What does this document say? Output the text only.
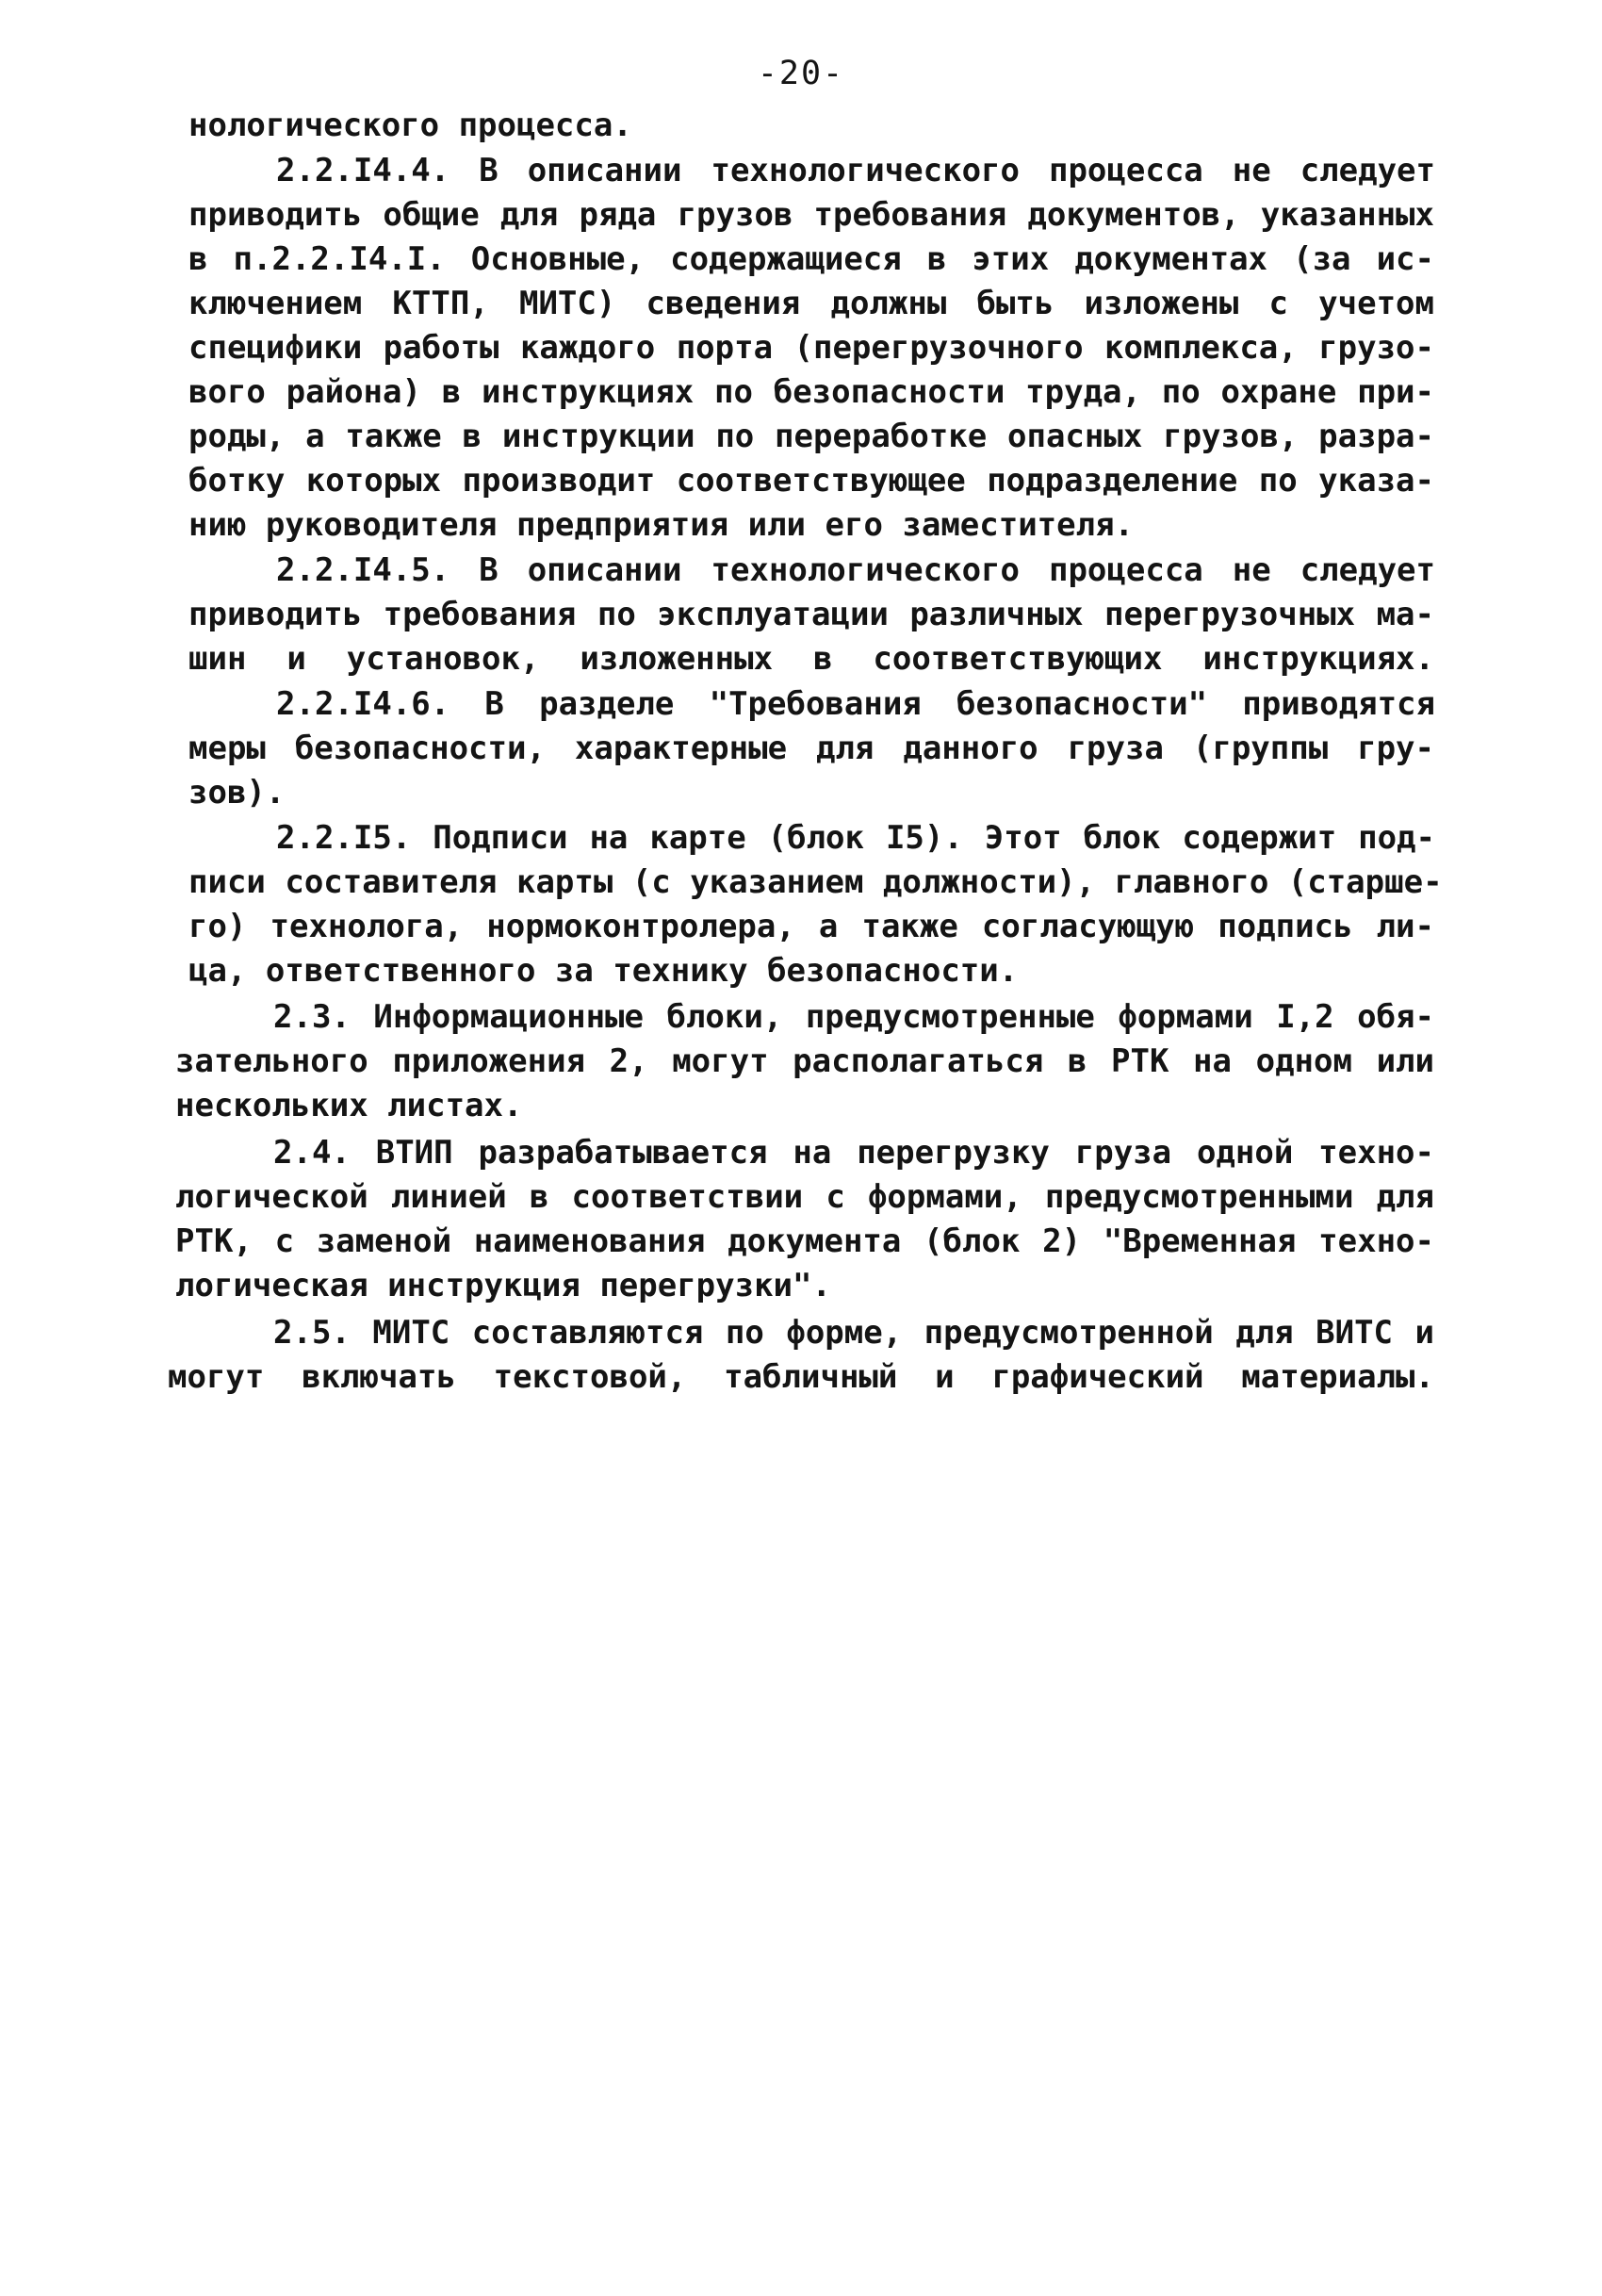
-20-
нологического процесса.
2.2.I4.4. В описании технологического процесса не следует
приводить общие для ряда грузов требования документов, указанных
в п.2.2.I4.I. Основные, содержащиеся в этих документах (за ис-
ключением КТТП, МИТС) сведения должны быть изложены с учетом
специфики работы каждого порта (перегрузочного комплекса, грузо-
вого района) в инструкциях по безопасности труда, по охране при-
роды, а также в инструкции по переработке опасных грузов, разра-
ботку которых производит соответствующее подразделение по указа-
нию руководителя предприятия или его заместителя.
2.2.I4.5. В описании технологического процесса не следует
приводить требования по эксплуатации различных перегрузочных ма-
шин и установок, изложенных в соответствующих инструкциях.
2.2.I4.6. В разделе "Требования безопасности" приводятся
меры безопасности, характерные для данного груза (группы гру-
зов).
2.2.I5. Подписи на карте (блок I5). Этот блок содержит под-
писи составителя карты (с указанием должности), главного (старше-
го) технолога, нормоконтролера, а также согласующую подпись ли-
ца, ответственного за технику безопасности.
2.3. Информационные блоки, предусмотренные формами I,2 обя-
зательного приложения 2, могут располагаться в РТК на одном или
нескольких листах.
2.4. ВТИП разрабатывается на перегрузку груза одной техно-
логической линией в соответствии с формами, предусмотренными для
РТК, с заменой наименования документа (блок 2) "Временная техно-
логическая инструкция перегрузки".
2.5. МИТС составляются по форме, предусмотренной для ВИТС и
могут включать текстовой, табличный и графический материалы.
